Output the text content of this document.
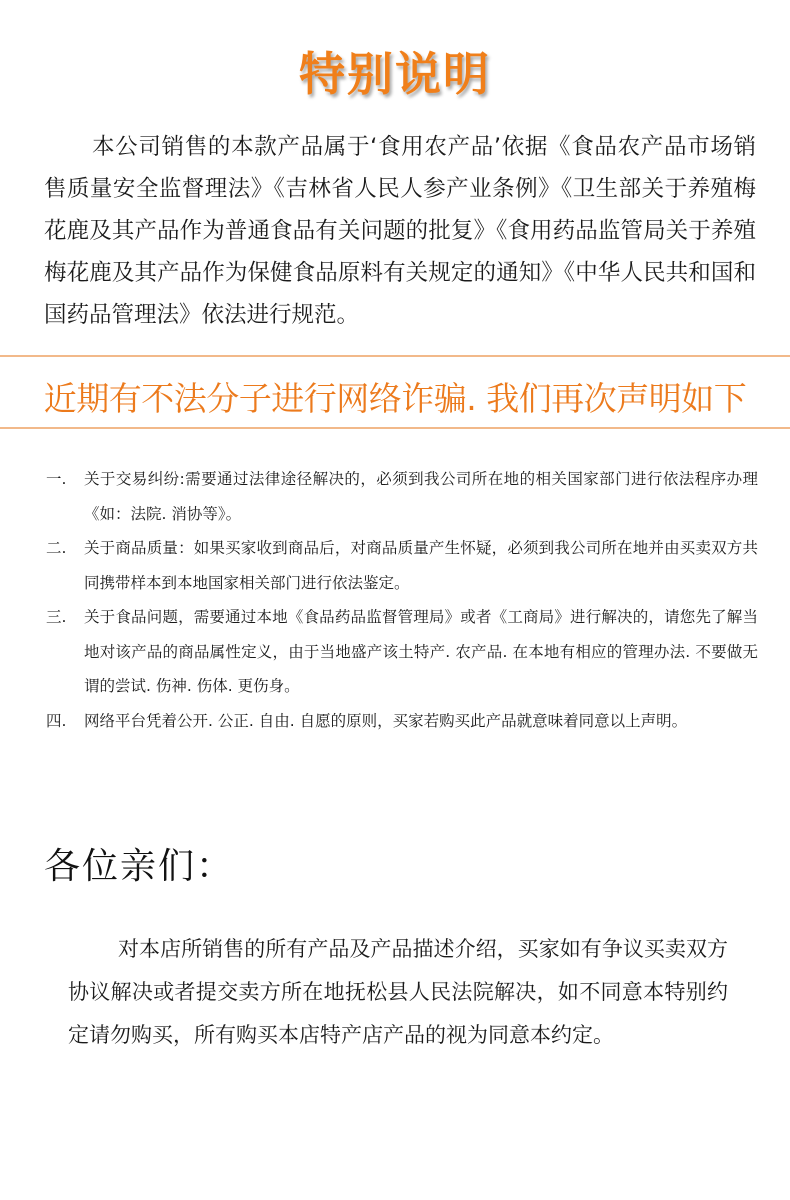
特别说明
本公司销售的本款产品属于‘食用农产品’依据《食品农产品市场销售质量安全监督理法》《吉林省人民人参产业条例》《卫生部关于养殖梅花鹿及其产品作为普通食品有关问题的批复》《食用药品监管局关于养殖梅花鹿及其产品作为保健食品原料有关规定的通知》《中华人民共和国和国药品管理法》依法进行规范。
近期有不法分子进行网络诈骗. 我们再次声明如下
一.	关于交易纠纷:需要通过法律途径解决的，必须到我公司所在地的相关国家部门进行依法程序办理《如：法院. 消协等》。
二.	关于商品质量：如果买家收到商品后，对商品质量产生怀疑，必须到我公司所在地并由买卖双方共同携带样本到本地国家相关部门进行依法鉴定。
三.	关于食品问题，需要通过本地《食品药品监督管理局》或者《工商局》进行解决的，请您先了解当地对该产品的商品属性定义，由于当地盛产该土特产. 农产品. 在本地有相应的管理办法. 不要做无谓的尝试. 伤神. 伤体. 更伤身。
四.	网络平台凭着公开. 公正. 自由. 自愿的原则，买家若购买此产品就意味着同意以上声明。
各位亲们：
对本店所销售的所有产品及产品描述介绍，买家如有争议买卖双方协议解决或者提交卖方所在地抚松县人民法院解决，如不同意本特别约定请勿购买，所有购买本店特产店产品的视为同意本约定。
